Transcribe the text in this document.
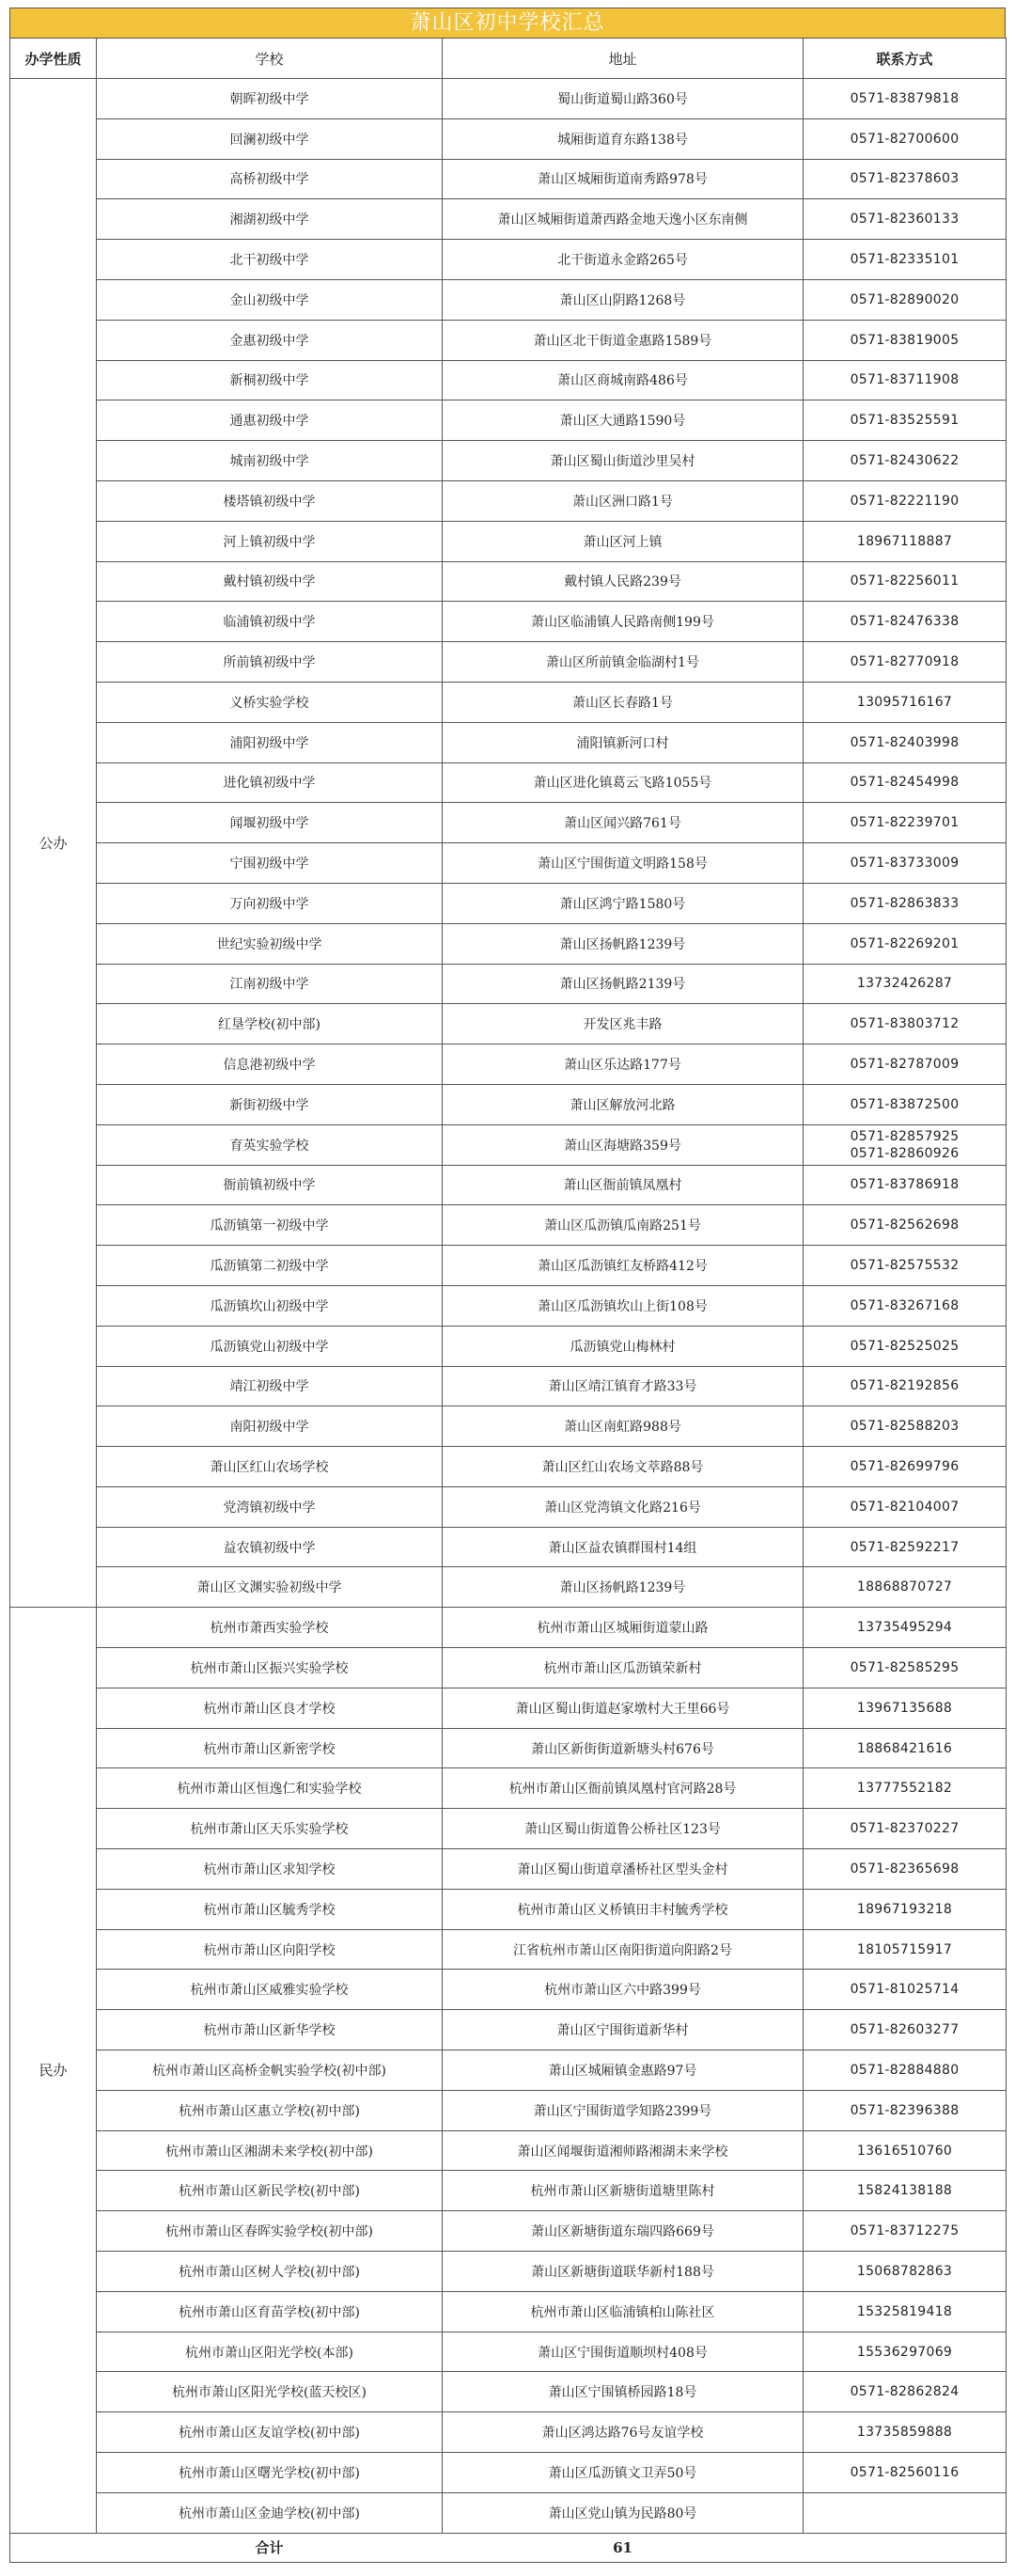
萧山区初中学校汇总
办学性质	学校	地址	联系方式
公办	朝晖初级中学	蜀山街道蜀山路360号	0571-83879818
	回澜初级中学	城厢街道育东路138号	0571-82700600
	高桥初级中学	萧山区城厢街道南秀路978号	0571-82378603
	湘湖初级中学	萧山区城厢街道萧西路金地天逸小区东南侧	0571-82360133
	北干初级中学	北干街道永金路265号	0571-82335101
	金山初级中学	萧山区山阴路1268号	0571-82890020
	金惠初级中学	萧山区北干街道金惠路1589号	0571-83819005
	新桐初级中学	萧山区商城南路486号	0571-83711908
	通惠初级中学	萧山区大通路1590号	0571-83525591
	城南初级中学	萧山区蜀山街道沙里吴村	0571-82430622
	楼塔镇初级中学	萧山区洲口路1号	0571-82221190
	河上镇初级中学	萧山区河上镇	18967118887
	戴村镇初级中学	戴村镇人民路239号	0571-82256011
	临浦镇初级中学	萧山区临浦镇人民路南侧199号	0571-82476338
	所前镇初级中学	萧山区所前镇金临湖村1号	0571-82770918
	义桥实验学校	萧山区长春路1号	13095716167
	浦阳初级中学	浦阳镇新河口村	0571-82403998
	进化镇初级中学	萧山区进化镇葛云飞路1055号	0571-82454998
	闻堰初级中学	萧山区闻兴路761号	0571-82239701
	宁围初级中学	萧山区宁围街道文明路158号	0571-83733009
	万向初级中学	萧山区鸿宁路1580号	0571-82863833
	世纪实验初级中学	萧山区扬帆路1239号	0571-82269201
	江南初级中学	萧山区扬帆路2139号	13732426287
	红垦学校(初中部)	开发区兆丰路	0571-83803712
	信息港初级中学	萧山区乐达路177号	0571-82787009
	新街初级中学	萧山区解放河北路	0571-83872500
	育英实验学校	萧山区海塘路359号	0571-82857925
0571-82860926

	衙前镇初级中学	萧山区衙前镇凤凰村	0571-83786918
	瓜沥镇第一初级中学	萧山区瓜沥镇瓜南路251号	0571-82562698
	瓜沥镇第二初级中学	萧山区瓜沥镇红友桥路412号	0571-82575532
	瓜沥镇坎山初级中学	萧山区瓜沥镇坎山上街108号	0571-83267168
	瓜沥镇党山初级中学	瓜沥镇党山梅林村	0571-82525025
	靖江初级中学	萧山区靖江镇育才路33号	0571-82192856
	南阳初级中学	萧山区南虹路988号	0571-82588203
	萧山区红山农场学校	萧山区红山农场文萃路88号	0571-82699796
	党湾镇初级中学	萧山区党湾镇文化路216号	0571-82104007
	益农镇初级中学	萧山区益农镇群围村14组	0571-82592217
	萧山区文渊实验初级中学	萧山区扬帆路1239号	18868870727
民办	杭州市萧西实验学校	杭州市萧山区城厢街道蒙山路	13735495294
	杭州市萧山区振兴实验学校	杭州市萧山区瓜沥镇荣新村	0571-82585295
	杭州市萧山区良才学校	萧山区蜀山街道赵家墩村大王里66号	13967135688
	杭州市萧山区新密学校	萧山区新街街道新塘头村676号	18868421616
	杭州市萧山区恒逸仁和实验学校	杭州市萧山区衙前镇凤凰村官河路28号	13777552182
	杭州市萧山区天乐实验学校	萧山区蜀山街道鲁公桥社区123号	0571-82370227
	杭州市萧山区求知学校	萧山区蜀山街道章潘桥社区型头金村	0571-82365698
	杭州市萧山区毓秀学校	杭州市萧山区义桥镇田丰村毓秀学校	18967193218
	杭州市萧山区向阳学校	江省杭州市萧山区南阳街道向阳路2号	18105715917
	杭州市萧山区威雅实验学校	杭州市萧山区六中路399号	0571-81025714
	杭州市萧山区新华学校	萧山区宁围街道新华村	0571-82603277
	杭州市萧山区高桥金帆实验学校(初中部)	萧山区城厢镇金惠路97号	0571-82884880
	杭州市萧山区惠立学校(初中部)	萧山区宁围街道学知路2399号	0571-82396388
	杭州市萧山区湘湖未来学校(初中部)	萧山区闻堰街道湘师路湘湖未来学校	13616510760
	杭州市萧山区新民学校(初中部)	杭州市萧山区新塘街道塘里陈村	15824138188
	杭州市萧山区春晖实验学校(初中部)	萧山区新塘街道东瑞四路669号	0571-83712275
	杭州市萧山区树人学校(初中部)	萧山区新塘街道联华新村188号	15068782863
	杭州市萧山区育苗学校(初中部)	杭州市萧山区临浦镇柏山陈社区	15325819418
	杭州市萧山区阳光学校(本部)	萧山区宁围街道顺坝村408号	15536297069
	杭州市萧山区阳光学校(蓝天校区)	萧山区宁围镇桥园路18号	0571-82862824
	杭州市萧山区友谊学校(初中部)	萧山区鸿达路76号友谊学校	13735859888
	杭州市萧山区曙光学校(初中部)	萧山区瓜沥镇文卫弄50号	0571-82560116
	杭州市萧山区金迪学校(初中部)	萧山区党山镇为民路80号	
	合计	61	
